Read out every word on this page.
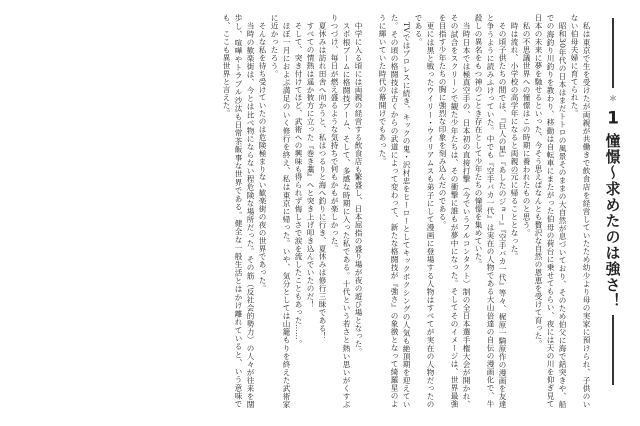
＊
1
憧憬〜求めたのは強さ！

私は東京で生を受けたが両親が共働きで飲食店を経営していたため幼少より母の実家に預けられ、子供のいない伯母夫婦に育てられた。

昭和30年代の日本はまだトトロの風景そのままの大自然が息づいており、そのため伯父に海で銛突きや、船での海釣り川釣りを教わり、移動は自転車にまたがった伯母の荷台に乗せてもらい、夜には天の川を仰ぎ見て日本の未来に夢を馳せるといった、今そう思えばなんとも贅沢な自然の恩恵を受けて育った。

私の不思議世界への憧憬はこの時期に養われたものと思う。

時は流れ、小学校の高学年になると両親の元に帰ることとなった。

その頃子供たちの間では、『巨人の星』『あしたのジョー』『空手バカ一代』等々、梶原一騎原作の漫画を友達と争うように読みふけっていた。中でも『空手バカ一代』は実在の人物である大山倍達の自伝の漫画化で、牛殺しの異名をもつ神のごとき存在として少年たちの憧憬を集めていた。

当時日本では極真空手の、日本初の直接打撃（今でいうフルコンタクト）制の全日本選手権大会が開かれ、その試合をスクリーンで観た少年たちは、その衝撃に誰もが夢中になった。そしてそのイメージは、世界最強を目指す少年たちの胸に強烈な印象を刻み込んだのである。

更には黒と戦ったウイリー・ウイリアムスも弟子にして漫画に登場する人物はすべてが実在の人物だったのである。

TVではプロレスに続き、キックの鬼・沢村忠をヒーローとしてキックボクシングの人気も絶頂期を迎えていた。その頃の格闘技は古くからの武道によって変わって、新たな格闘技が『強さ』の象徴となって綺羅星のように輝いていた時代の幕開けでもあった。

中学に入る頃には両親の経営する飲食店も繁盛し、日本屈指の盛り場が夜の遊び場となった。

スポ根ブームに格闘技ブーム、そして、多感な時期に入った私である。十代という若さと熱い思いがくすぶりつづけ、毎日が燃え盛るような気持ちで何もかもが楽しかった。

夏休みは訪れ田舎へ向かうと、私はつるりと海へ釣りに行き、夏休みは修行三昧である！

すべての情熱は遥か彼方に立った『巻き藁』へと突き上げ叩き込んでいたのだ！

そして、突き付けてほど、武術への興味も得られず悔しさで涙を流したこともあった……。

ほぼ一月におよぶ満足のいく修行を終え、私は東京に帰った。いや、気分としては山籠もりを終えた武術家に近かったろう。

そんな私を待ち受けていたのは危険極まりない歓楽街の夜の世界であった。

当時の歓楽街は、今とは比べ物にならない程危険な場所だった。その筋（反社会的勢力）の人々が往来を闊歩し、喧嘩やトラブル沙汰も日常茶飯事な世界である。健全な一般生活とはかけ離れていると、いう意味でも、ここも異世界と言えた。
